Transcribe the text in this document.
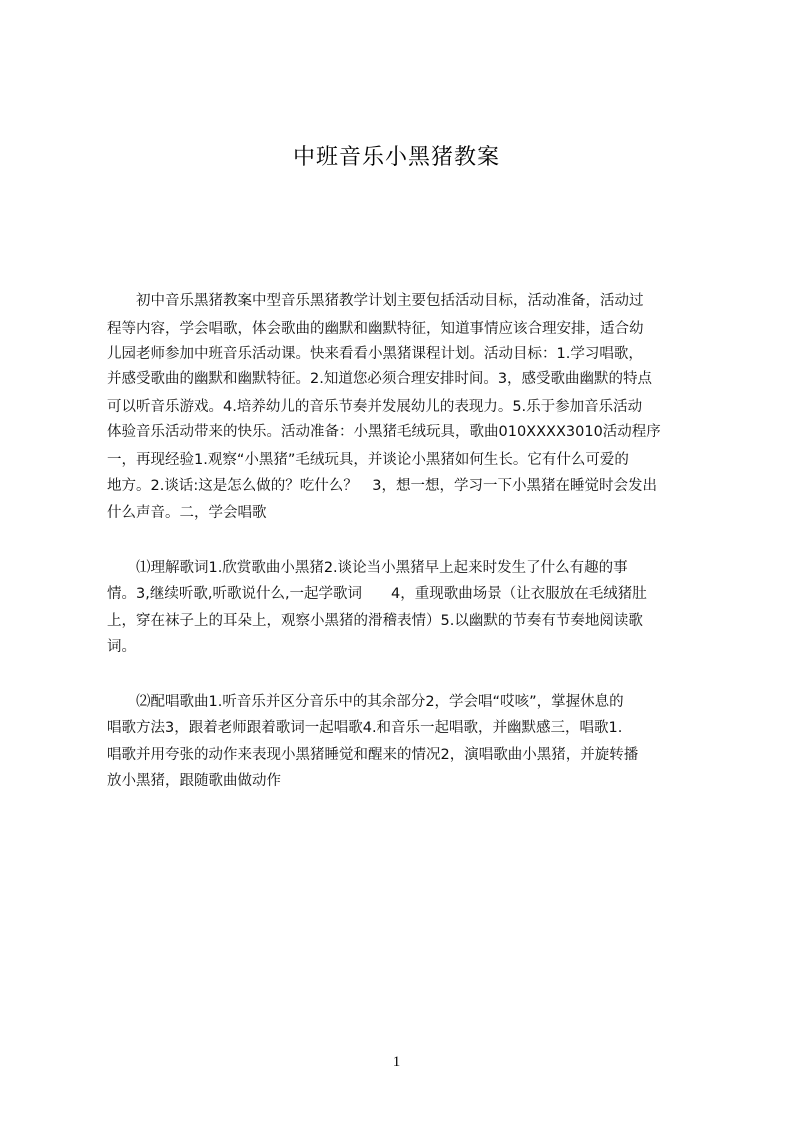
中班音乐小黑猪教案
　　初中音乐黑猪教案中型音乐黑猪教学计划主要包括活动目标，活动准备，活动过
程等内容，学会唱歌，体会歌曲的幽默和幽默特征，知道事情应该合理安排，适合幼
儿园老师参加中班音乐活动课。快来看看小黑猪课程计划。活动目标：1.学习唱歌，
并感受歌曲的幽默和幽默特征。2.知道您必须合理安排时间。3，感受歌曲幽默的特点
可以听音乐游戏。4.培养幼儿的音乐节奏并发展幼儿的表现力。5.乐于参加音乐活动
体验音乐活动带来的快乐。活动准备：小黑猪毛绒玩具，歌曲010XXXX3010活动程序
一，再现经验1.观察“小黑猪”毛绒玩具，并谈论小黑猪如何生长。它有什么可爱的
地方。2.谈话:这是怎么做的？吃什么？　3，想一想，学习一下小黑猪在睡觉时会发出
什么声音。二，学会唱歌
　　⑴理解歌词1.欣赏歌曲小黑猪2.谈论当小黑猪早上起来时发生了什么有趣的事
情。3,继续听歌,听歌说什么,一起学歌词　　4，重现歌曲场景（让衣服放在毛绒猪肚
上，穿在袜子上的耳朵上，观察小黑猪的滑稽表情）5.以幽默的节奏有节奏地阅读歌
词。
　　⑵配唱歌曲1.听音乐并区分音乐中的其余部分2，学会唱“哎咳”，掌握休息的
唱歌方法3，跟着老师跟着歌词一起唱歌4.和音乐一起唱歌，并幽默感三，唱歌1.
唱歌并用夸张的动作来表现小黑猪睡觉和醒来的情况2，演唱歌曲小黑猪，并旋转播
放小黑猪，跟随歌曲做动作
1
